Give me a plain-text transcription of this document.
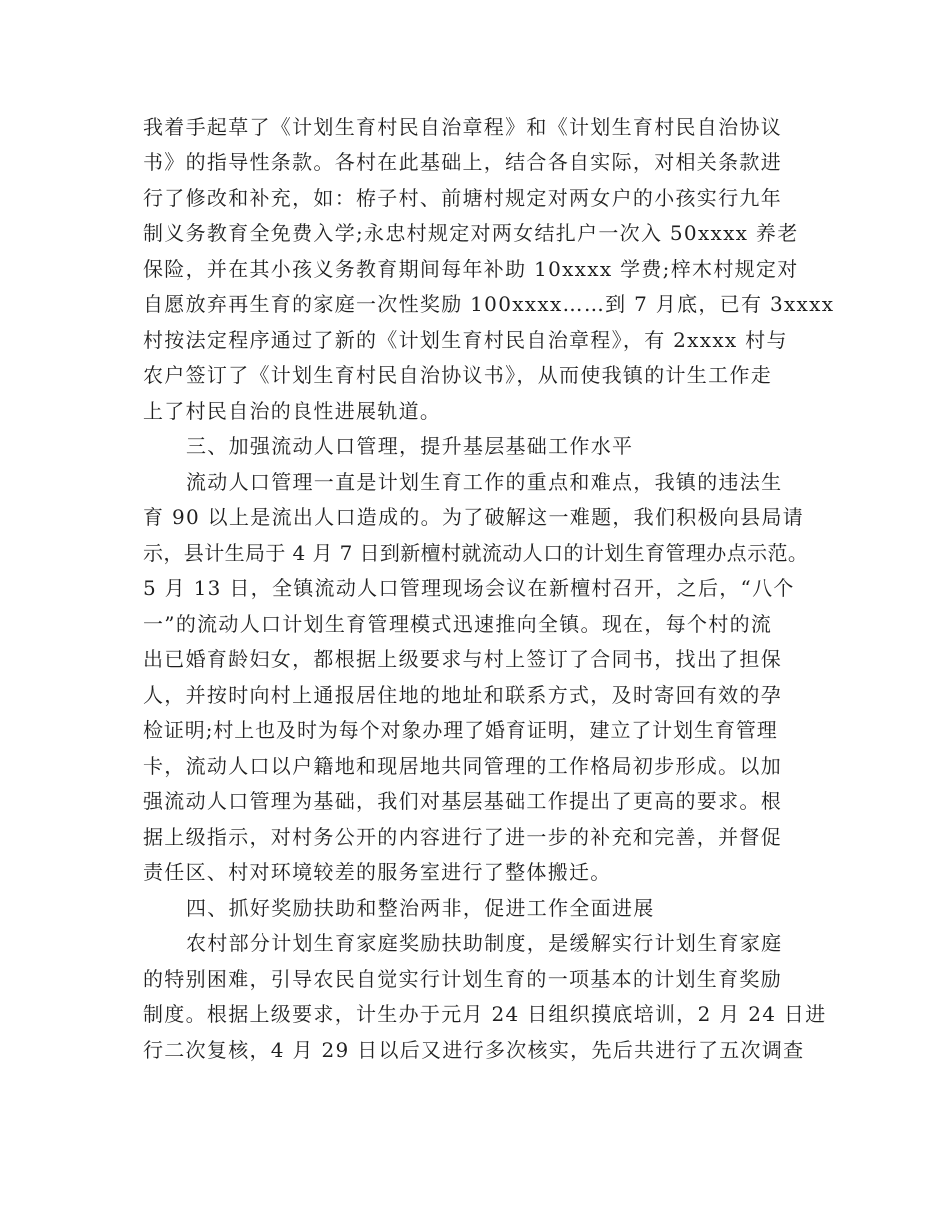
我着手起草了《计划生育村民自治章程》和《计划生育村民自治协议
书》的指导性条款。各村在此基础上，结合各自实际，对相关条款进
行了修改和补充，如：栫子村、前塘村规定对两女户的小孩实行九年
制义务教育全免费入学;永忠村规定对两女结扎户一次入 50xxxx 养老
保险，并在其小孩义务教育期间每年补助 10xxxx 学费;梓木村规定对
自愿放弃再生育的家庭一次性奖励 100xxxx……到 7 月底，已有 3xxxx
村按法定程序通过了新的《计划生育村民自治章程》，有 2xxxx 村与
农户签订了《计划生育村民自治协议书》，从而使我镇的计生工作走
上了村民自治的良性进展轨道。
三、加强流动人口管理，提升基层基础工作水平
流动人口管理一直是计划生育工作的重点和难点，我镇的违法生
育 90 以上是流出人口造成的。为了破解这一难题，我们积极向县局请
示，县计生局于 4 月 7 日到新檀村就流动人口的计划生育管理办点示范。
5 月 13 日，全镇流动人口管理现场会议在新檀村召开，之后，“八个
一”的流动人口计划生育管理模式迅速推向全镇。现在，每个村的流
出已婚育龄妇女，都根据上级要求与村上签订了合同书，找出了担保
人，并按时向村上通报居住地的地址和联系方式，及时寄回有效的孕
检证明;村上也及时为每个对象办理了婚育证明，建立了计划生育管理
卡，流动人口以户籍地和现居地共同管理的工作格局初步形成。以加
强流动人口管理为基础，我们对基层基础工作提出了更高的要求。根
据上级指示，对村务公开的内容进行了进一步的补充和完善，并督促
责任区、村对环境较差的服务室进行了整体搬迁。
四、抓好奖励扶助和整治两非，促进工作全面进展
农村部分计划生育家庭奖励扶助制度，是缓解实行计划生育家庭
的特别困难，引导农民自觉实行计划生育的一项基本的计划生育奖励
制度。根据上级要求，计生办于元月 24 日组织摸底培训，2 月 24 日进
行二次复核，4 月 29 日以后又进行多次核实，先后共进行了五次调查
